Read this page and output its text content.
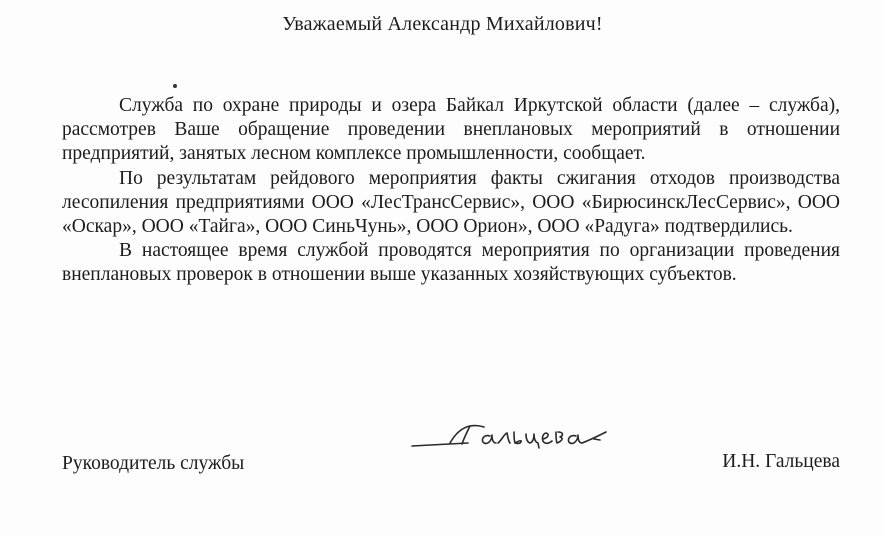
Уважаемый Александр Михайлович!

Служба по охране природы и озера Байкал Иркутской области (далее – служба), рассмотрев Ваше обращение проведении внеплановых мероприятий в отношении предприятий, занятых лесном комплексе промышленности, сообщает.

По результатам рейдового мероприятия факты сжигания отходов производства лесопиления предприятиями ООО «ЛесТрансСервис», ООО «БирюсинскЛесСервис», ООО «Оскар», ООО «Тайга», ООО СиньЧунь», ООО Орион», ООО «Радуга» подтвердились.

В настоящее время службой проводятся мероприятия по организации проведения внеплановых проверок в отношении выше указанных хозяйствующих субъектов.

Руководитель службы	И.Н. Гальцева
